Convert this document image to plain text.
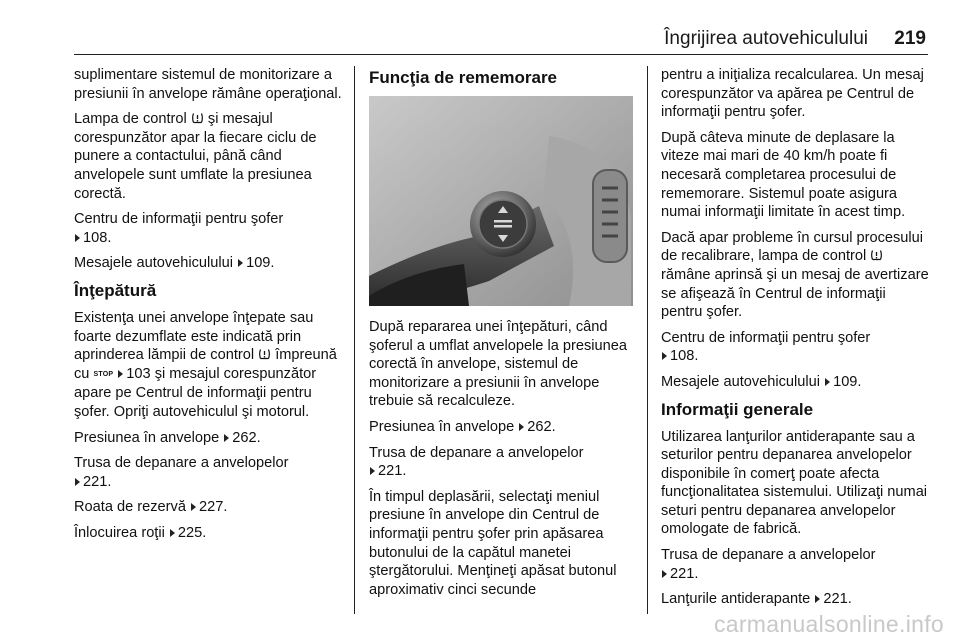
Îngrijirea autovehiculului 219

suplimentare sistemul de monitorizare a presiunii în anvelope rămâne operaţional.

Lampa de control şi mesajul corespunzător apar la fiecare ciclu de punere a contactului, până când anvelopele sunt umflate la presiunea corectă.

Centru de informaţii pentru şofer
108.

Mesajele autovehiculului 109.

Înţepătură

Existenţa unei anvelope înţepate sau foarte dezumflate este indicată prin aprinderea lămpii de control împreună cu STOP 103 şi mesajul corespunzător apare pe Centrul de informaţii pentru şofer. Opriţi autovehiculul şi motorul.

Presiunea în anvelope 262.

Trusa de depanare a anvelopelor
221.

Roata de rezervă 227.

Înlocuirea roţii 225.

Funcţia de rememorare

După repararea unei înţepături, când şoferul a umflat anvelopele la presiunea corectă în anvelope, sistemul de monitorizare a presiunii în anvelope trebuie să recalculeze.

Presiunea în anvelope 262.

Trusa de depanare a anvelopelor
221.

În timpul deplasării, selectaţi meniul presiune în anvelope din Centrul de informaţii pentru şofer prin apăsarea butonului de la capătul manetei ştergătorului. Menţineţi apăsat butonul aproximativ cinci secunde

pentru a iniţializa recalcularea. Un mesaj corespunzător va apărea pe Centrul de informaţii pentru şofer.

După câteva minute de deplasare la viteze mai mari de 40 km/h poate fi necesară completarea procesului de rememorare. Sistemul poate asigura numai informaţii limitate în acest timp.

Dacă apar probleme în cursul procesului de recalibrare, lampa de control  rămâne aprinsă şi un mesaj de avertizare se afişează în Centrul de informaţii pentru şofer.

Centru de informaţii pentru şofer
108.

Mesajele autovehiculului 109.

Informaţii generale

Utilizarea lanţurilor antiderapante sau a seturilor pentru depanarea anvelopelor disponibile în comerţ poate afecta funcţionalitatea sistemului. Utilizaţi numai seturi pentru depanarea anvelopelor omologate de fabrică.

Trusa de depanare a anvelopelor
221.

Lanţurile antiderapante 221.

carmanualsonline.info
